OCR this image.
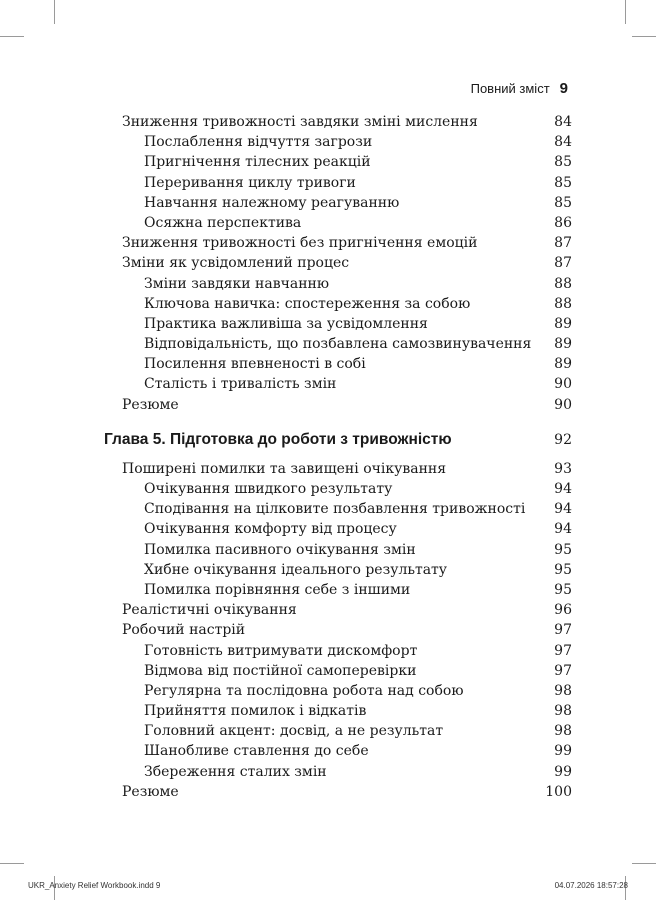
Повний зміст 9
Зниження тривожності завдяки зміні мислення	84
Послаблення відчуття загрози	84
Пригнічення тілесних реакцій	85
Переривання циклу тривоги	85
Навчання належному реагуванню	85
Осяжна перспектива	86
Зниження тривожності без пригнічення емоцій	87
Зміни як усвідомлений процес	87
Зміни завдяки навчанню	88
Ключова навичка: спостереження за собою	88
Практика важливіша за усвідомлення	89
Відповідальність, що позбавлена самозвинувачення	89
Посилення впевненості в собі	89
Сталість і тривалість змін	90
Резюме	90
Глава 5. Підготовка до роботи з тривожністю	92
Поширені помилки та завищені очікування	93
Очікування швидкого результату	94
Сподівання на цілковите позбавлення тривожності	94
Очікування комфорту від процесу	94
Помилка пасивного очікування змін	95
Хибне очікування ідеального результату	95
Помилка порівняння себе з іншими	95
Реалістичні очікування	96
Робочий настрій	97
Готовність витримувати дискомфорт	97
Відмова від постійної самоперевірки	97
Регулярна та послідовна робота над собою	98
Прийняття помилок і відкатів	98
Головний акцент: досвід, а не результат	98
Шанобливе ставлення до себе	99
Збереження сталих змін	99
Резюме	100
UKR_Anxiety Relief Workbook.indd 9	04.07.2026 18:57:28
